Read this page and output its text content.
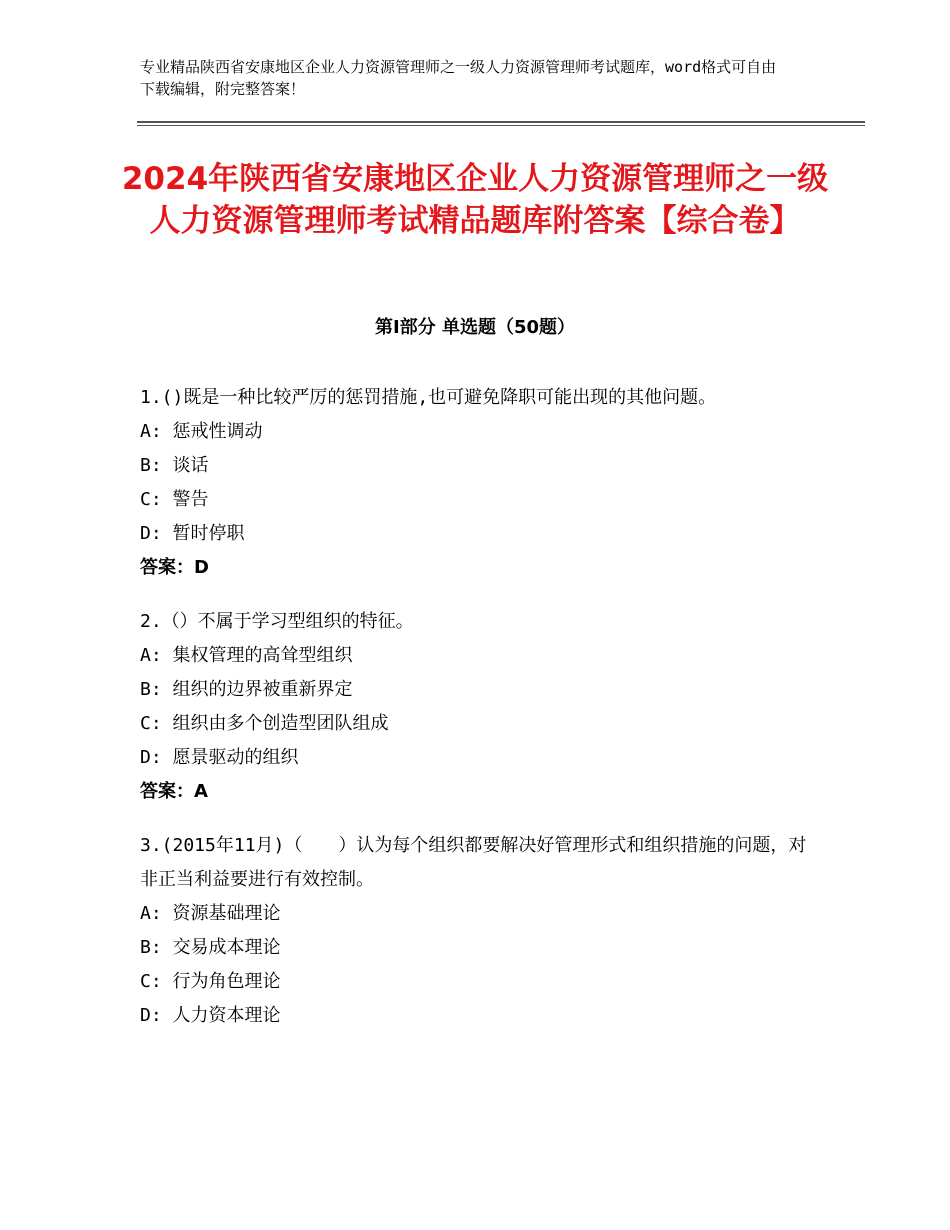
专业精品陕西省安康地区企业人力资源管理师之一级人力资源管理师考试题库，word格式可自由下载编辑，附完整答案！
2024年陕西省安康地区企业人力资源管理师之一级人力资源管理师考试精品题库附答案【综合卷】
第Ⅰ部分 单选题（50题）

1.()既是一种比较严厉的惩罚措施,也可避免降职可能出现的其他问题。

A: 惩戒性调动

B: 谈话

C: 警告

D: 暂时停职

答案：D

2.（）不属于学习型组织的特征。

A: 集权管理的高耸型组织

B: 组织的边界被重新界定

C: 组织由多个创造型团队组成

D: 愿景驱动的组织

答案：A

3.(2015年11月)（　　）认为每个组织都要解决好管理形式和组织措施的问题，对非正当利益要进行有效控制。

A: 资源基础理论

B: 交易成本理论

C: 行为角色理论

D: 人力资本理论
